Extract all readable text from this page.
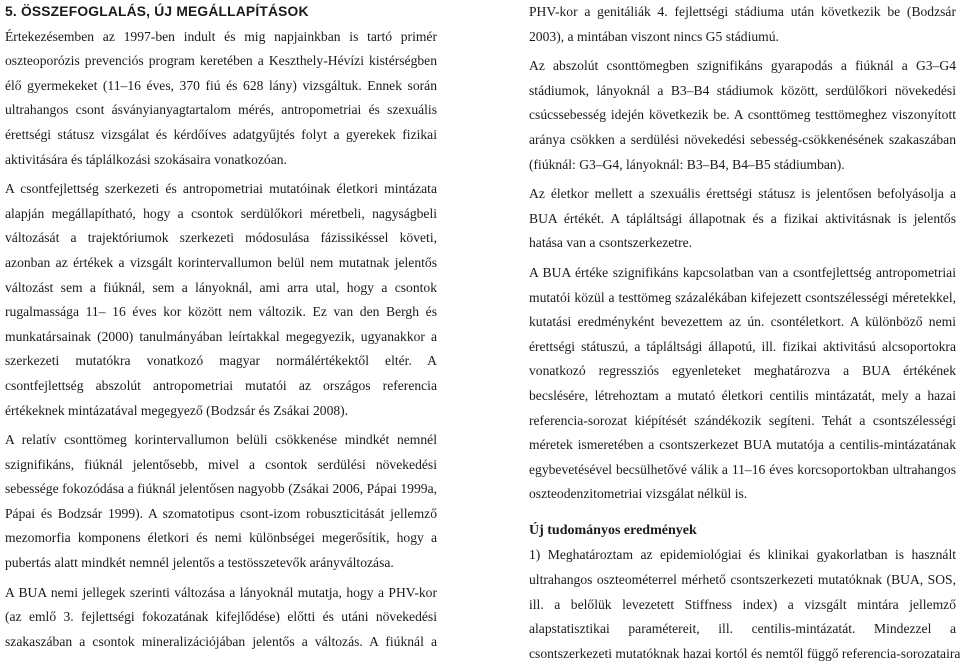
5. ÖSSZEFOGLALÁS, ÚJ MEGÁLLAPÍTÁSOK
Értekezésemben az 1997-ben indult és mig napjainkban is tartó primér
oszteoporózis prevenciós program keretében a Keszthely-Hévízi kistérségben
élő gyermekeket (11–16 éves, 370 fiú és 628 lány) vizsgáltuk. Ennek során
ultrahangos csont ásványianyagtartalom mérés, antropometriai és szexuális
érettségi státusz vizsgálat és kérdőíves adatgyűjtés folyt a gyerekek fizikai
aktivitására és táplálkozási szokásaira vonatkozóan.
A csontfejlettség szerkezeti és antropometriai mutatóinak életkori mintázata
alapján megállapítható, hogy a csontok serdülőkori méretbeli, nagyságbeli
változását a trajektóriumok szerkezeti módosulása fázissikéssel követi,
azonban az értékek a vizsgált korintervallumon belül nem mutatnak jelentős
változást sem a fiúknál, sem a lányoknál, ami arra utal, hogy a csontok
rugalmassága 11– 16 éves kor között nem változik. Ez van den Bergh és
munkatársainak (2000) tanulmányában leírtakkal megegyezik, ugyanakkor a
szerkezeti mutatókra vonatkozó magyar normálértékektől eltér. A
csontfejlettség abszolút antropometriai mutatói az országos referencia
értékeknek mintázatával megegyező (Bodzsár és Zsákai 2008).
A relatív csonttömeg korintervallumon belüli csökkenése mindkét nemnél
szignifikáns, fiúknál jelentősebb, mivel a csontok serdülési növekedési
sebessége fokozódása a fiúknál jelentősen nagyobb (Zsákai 2006, Pápai 1999a,
Pápai és Bodzsár 1999). A szomatotipus csont-izom robuszticitását jellemző
mezomorfia komponens életkori és nemi különbségei megerősítik, hogy a
pubertás alatt mindkét nemnél jelentős a testösszetevők arányváltozása.
A BUA nemi jellegek szerinti változása a lányoknál mutatja, hogy a PHV-kor
(az emlő 3. fejlettségi fokozatának kifejlődése) előtti és utáni növekedési
szakaszában a csontok mineralizációjában jelentős a változás. A fiúknál a
PHV-kor a genitáliák 4. fejlettségi stádiuma után következik be (Bodzsár
2003), a mintában viszont nincs G5 stádiumú.
Az abszolút csonttömegben szignifikáns gyarapodás a fiúknál a G3–G4
stádiumok, lányoknál a B3–B4 stádiumok között, serdülőkori növekedési
csúcssebesség idején következik be. A csonttömeg testtömeghez viszonyított
aránya csökken a serdülési növekedési sebesség-csökkenésének szakaszában
(fiúknál: G3–G4, lányoknál: B3–B4, B4–B5 stádiumban).
Az életkor mellett a szexuális érettségi státusz is jelentősen befolyásolja a
BUA értékét. A tápláltsági állapotnak és a fizikai aktivitásnak is jelentős
hatása van a csontszerkezetre.
A BUA értéke szignifikáns kapcsolatban van a csontfejlettség antropometriai
mutatói közül a testtömeg százalékában kifejezett csontszélességi méretekkel,
kutatási eredményként bevezettem az ún. csontéletkort. A különböző nemi
érettségi státuszú, a tápláltsági állapotú, ill. fizikai aktivitású alcsoportokra
vonatkozó regressziós egyenleteket meghatározva a BUA értékének
becslésére, létrehoztam a mutató életkori centilis mintázatát, mely a hazai
referencia-sorozat kiépítését szándékozik segíteni. Tehát a csontszélességi
méretek ismeretében a csontszerkezet BUA mutatója a centilis-mintázatának
egybevetésével becsülhetővé válik a 11–16 éves korcsoportokban ultrahangos
oszteodenzitometriai vizsgálat nélkül is.
Új tudományos eredmények
1) Meghatároztam az epidemiológiai és klinikai gyakorlatban is használt
ultrahangos oszteométerrel mérhető csontszerkezeti mutatóknak (BUA, SOS,
ill. a belőlük levezetett Stiffness index) a vizsgált mintára jellemző
alapstatisztikai paramétereit, ill. centilis-mintázatát. Mindezzel a
csontszerkezeti mutatóknak hazai kortól és nemtől függő referencia-sorozataira
